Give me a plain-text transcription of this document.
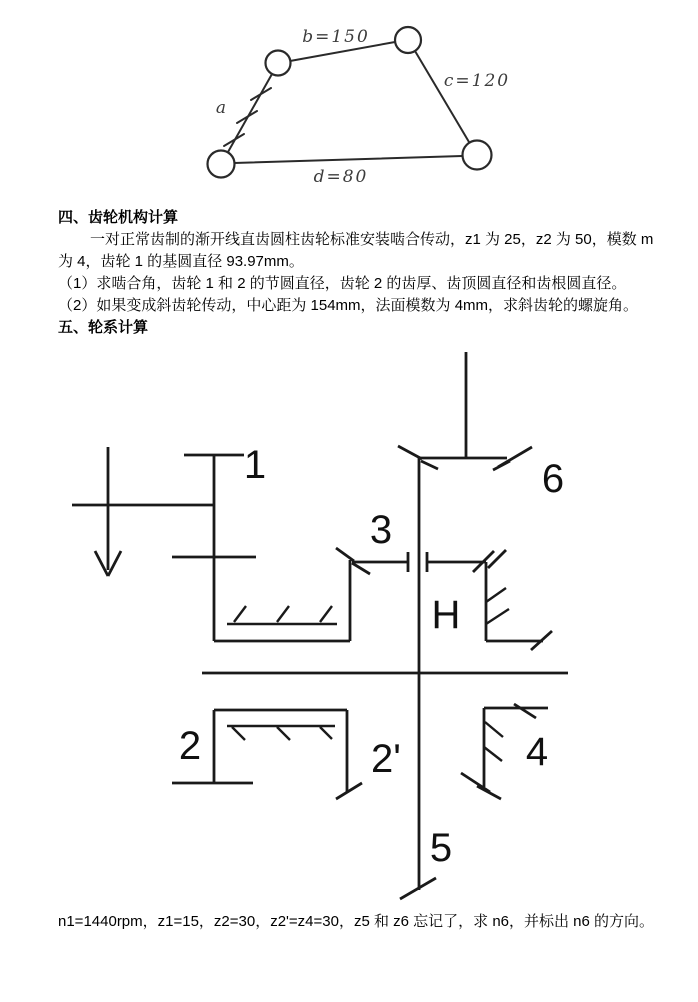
a
b=150
c=120
d=80
四、齿轮机构计算
一对正常齿制的渐开线直齿圆柱齿轮标准安装啮合传动，z1 为 25，z2 为 50，模数 m
为 4，齿轮 1 的基圆直径 93.97mm。
（1）求啮合角，齿轮 1 和 2 的节圆直径，齿轮 2 的齿厚、齿顶圆直径和齿根圆直径。
（2）如果变成斜齿轮传动，中心距为 154mm，法面模数为 4mm，求斜齿轮的螺旋角。
五、轮系计算
1
3
6
H
2	2'	4
5
n1=1440rpm，z1=15，z2=30，z2'=z4=30，z5 和 z6 忘记了，求 n6，并标出 n6 的方向。
